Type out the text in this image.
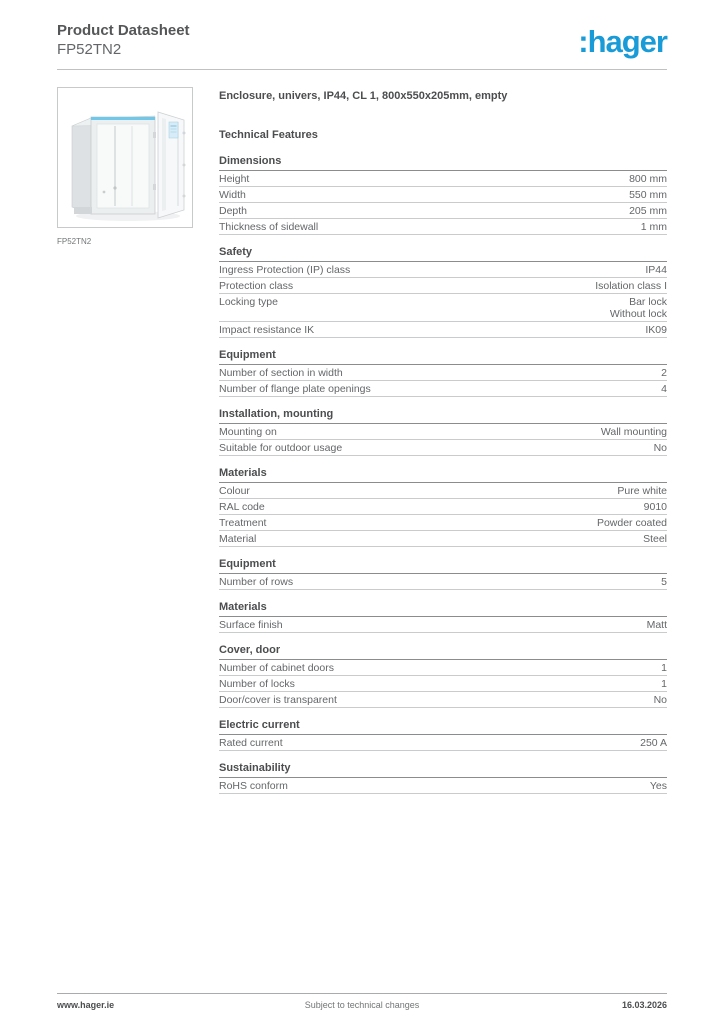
Product Datasheet
FP52TN2	:hager
FP52TN2
Enclosure, univers, IP44, CL 1, 800x550x205mm, empty
Technical Features
Dimensions
Height	800 mm
Width	550 mm
Depth	205 mm
Thickness of sidewall	1 mm
Safety
Ingress Protection (IP) class	IP44
Protection class	Isolation class I
Locking type	Bar lock
Without lock
Impact resistance IK	IK09
Equipment
Number of section in width	2
Number of flange plate openings	4
Installation, mounting
Mounting on	Wall mounting
Suitable for outdoor usage	No
Materials
Colour	Pure white
RAL code	9010
Treatment	Powder coated
Material	Steel
Equipment
Number of rows	5
Materials
Surface finish	Matt
Cover, door
Number of cabinet doors	1
Number of locks	1
Door/cover is transparent	No
Electric current
Rated current	250 A
Sustainability
RoHS conform	Yes
www.hager.ie	Subject to technical changes	16.03.2026
